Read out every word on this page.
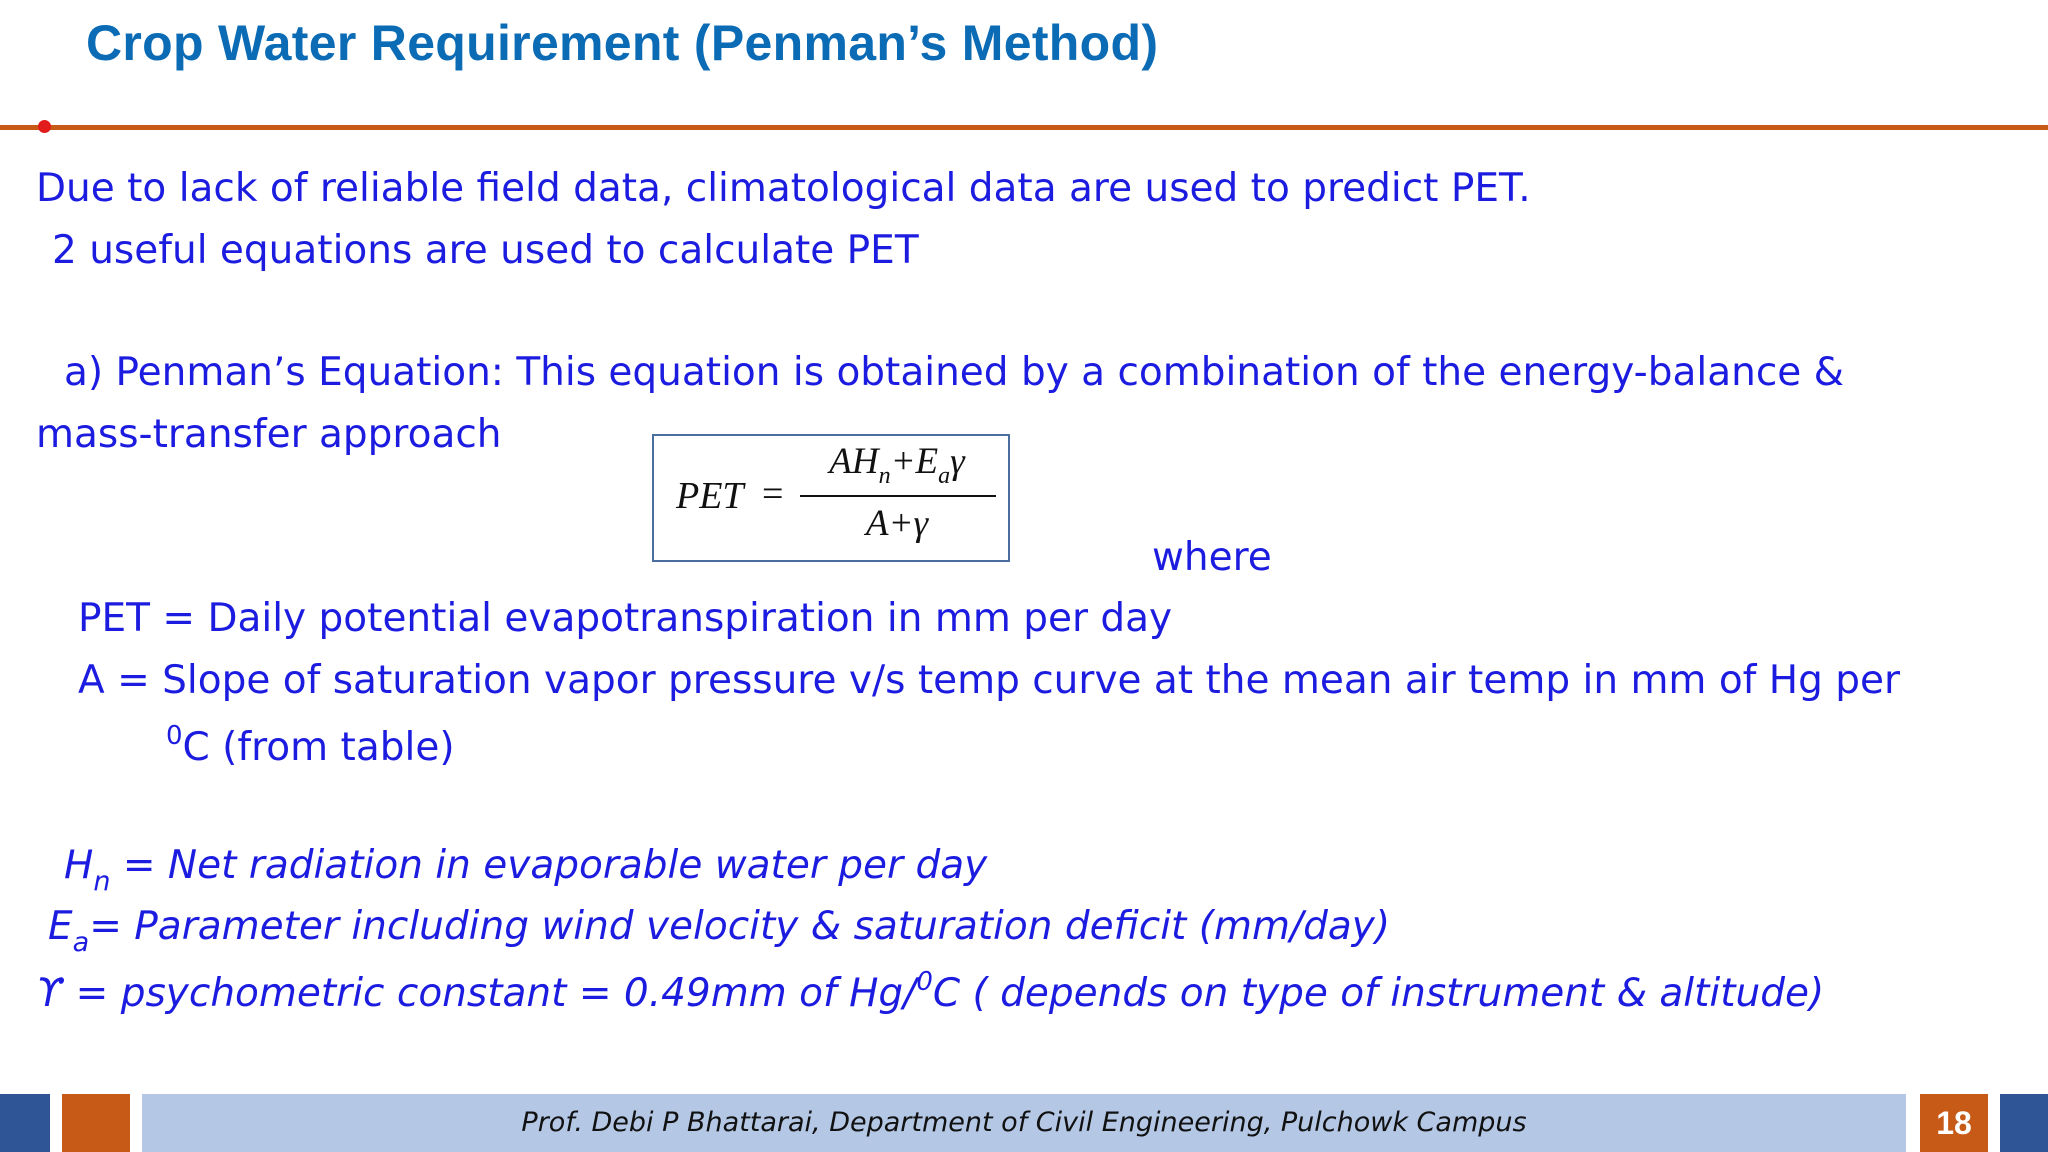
Crop Water Requirement (Penman’s Method)
Due to lack of reliable field data, climatological data are used to predict PET.
2 useful equations are used to calculate PET
a) Penman’s Equation: This equation is obtained by a combination of the energy-balance &
mass-transfer approach
PET =
$AH_n+E_a\gamma$
A+γ
where
PET = Daily potential evapotranspiration in mm per day
A = Slope of saturation vapor pressure v/s temp curve at the mean air temp in mm of Hg per
$^0$C (from table)
$H_n$ = Net radiation in evaporable water per day
$E_a=$ Parameter including wind velocity & saturation deficit (mm/day)
ϒ = psychometric constant = 0.49mm of Hg/$^0$C ( depends on type of instrument & altitude)
Prof. Debi P Bhattarai, Department of Civil Engineering, Pulchowk Campus	18
